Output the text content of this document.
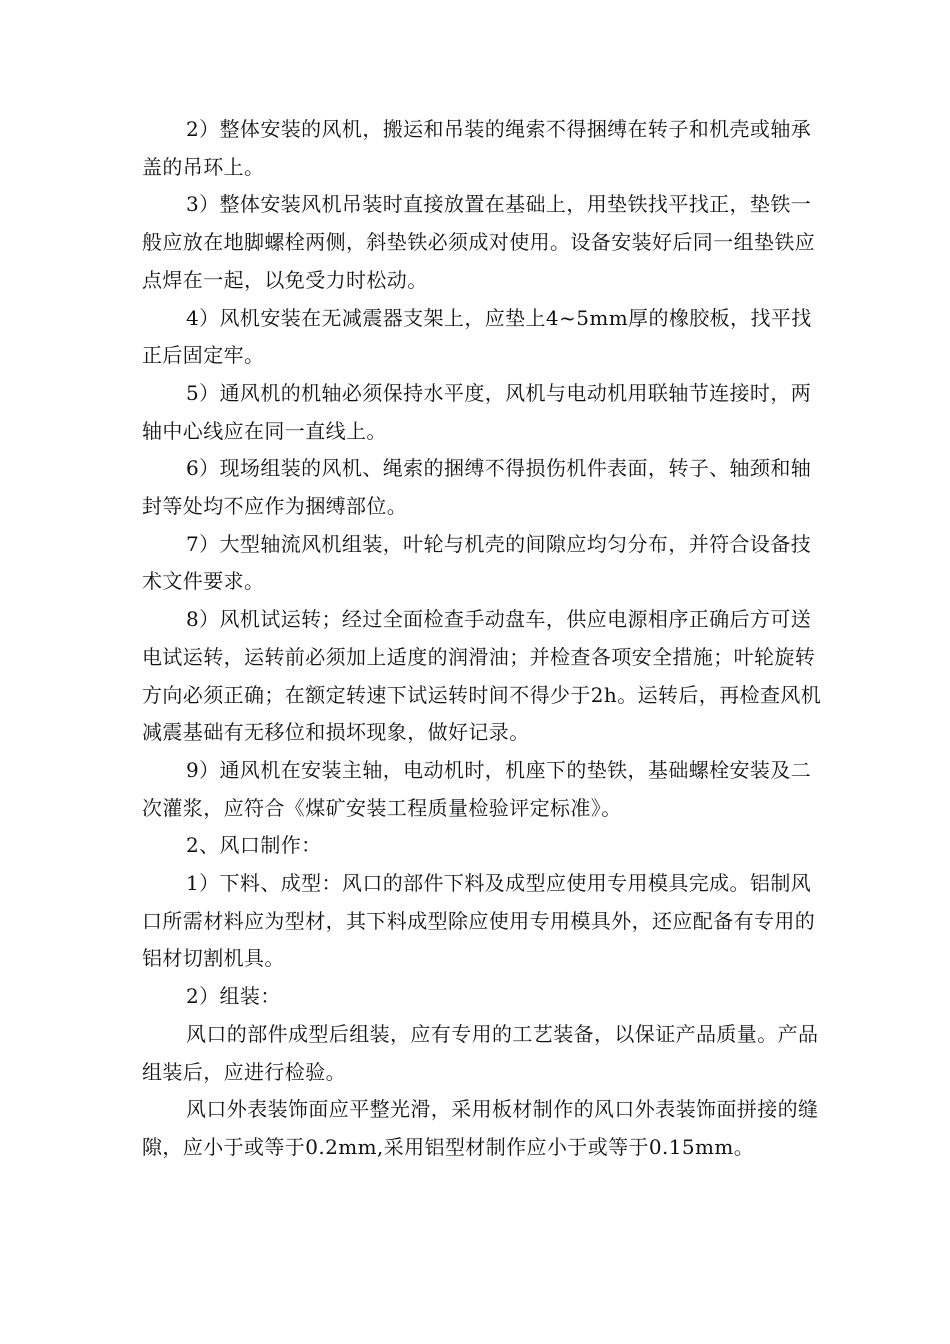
2）整体安装的风机，搬运和吊装的绳索不得捆缚在转子和机壳或轴承盖的吊环上。

3）整体安装风机吊装时直接放置在基础上，用垫铁找平找正，垫铁一般应放在地脚螺栓两侧，斜垫铁必须成对使用。设备安装好后同一组垫铁应点焊在一起，以免受力时松动。

4）风机安装在无减震器支架上，应垫上4~5mm厚的橡胶板，找平找正后固定牢。

5）通风机的机轴必须保持水平度，风机与电动机用联轴节连接时，两轴中心线应在同一直线上。

6）现场组装的风机、绳索的捆缚不得损伤机件表面，转子、轴颈和轴封等处均不应作为捆缚部位。

7）大型轴流风机组装，叶轮与机壳的间隙应均匀分布，并符合设备技术文件要求。

8）风机试运转；经过全面检查手动盘车，供应电源相序正确后方可送电试运转，运转前必须加上适度的润滑油；并检查各项安全措施；叶轮旋转方向必须正确；在额定转速下试运转时间不得少于2h。运转后，再检查风机减震基础有无移位和损坏现象，做好记录。

9）通风机在安装主轴，电动机时，机座下的垫铁，基础螺栓安装及二次灌浆，应符合《煤矿安装工程质量检验评定标准》。

2、风口制作：

1）下料、成型：风口的部件下料及成型应使用专用模具完成。铝制风口所需材料应为型材，其下料成型除应使用专用模具外，还应配备有专用的铝材切割机具。

2）组装：

风口的部件成型后组装，应有专用的工艺装备，以保证产品质量。产品组装后，应进行检验。

风口外表装饰面应平整光滑，采用板材制作的风口外表装饰面拼接的缝隙，应小于或等于0.2mm,采用铝型材制作应小于或等于0.15mm。
